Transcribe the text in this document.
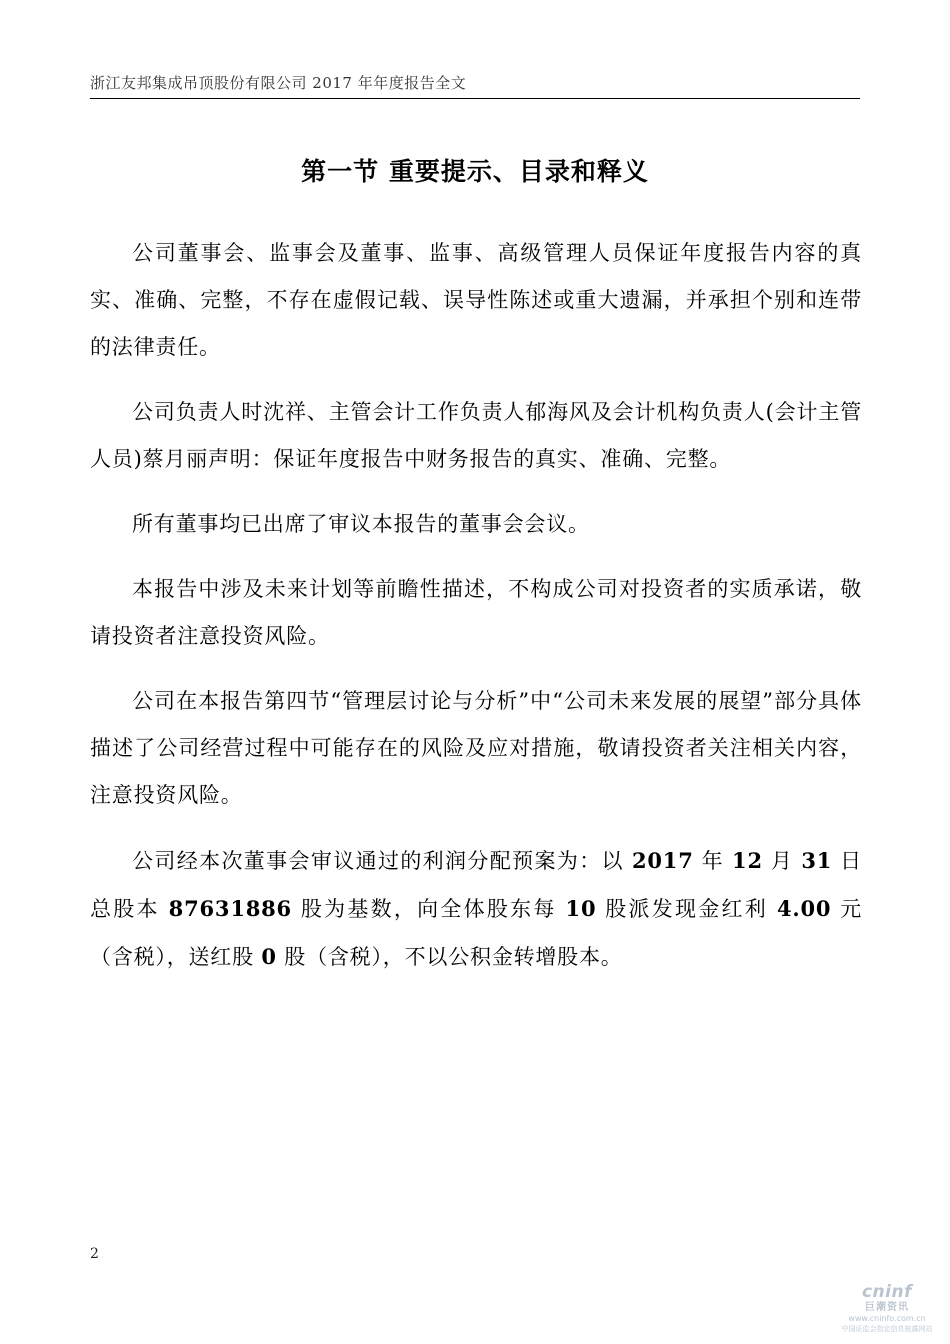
浙江友邦集成吊顶股份有限公司 2017 年年度报告全文
第一节 重要提示、目录和释义

公司董事会、监事会及董事、监事、高级管理人员保证年度报告内容的真实、准确、完整，不存在虚假记载、误导性陈述或重大遗漏，并承担个别和连带的法律责任。

公司负责人时沈祥、主管会计工作负责人郁海风及会计机构负责人(会计主管人员)蔡月丽声明：保证年度报告中财务报告的真实、准确、完整。

所有董事均已出席了审议本报告的董事会会议。

本报告中涉及未来计划等前瞻性描述，不构成公司对投资者的实质承诺，敬请投资者注意投资风险。

公司在本报告第四节“管理层讨论与分析”中“公司未来发展的展望”部分具体描述了公司经营过程中可能存在的风险及应对措施，敬请投资者关注相关内容，注意投资风险。

公司经本次董事会审议通过的利润分配预案为：以 2017 年 12 月 31 日总股本 87631886 股为基数，向全体股东每 10 股派发现金红利 4.00 元（含税），送红股 0 股（含税），不以公积金转增股本。

2
cninf
巨潮资讯
www.cninfo.com.cn
中国证监会指定信息披露网站
